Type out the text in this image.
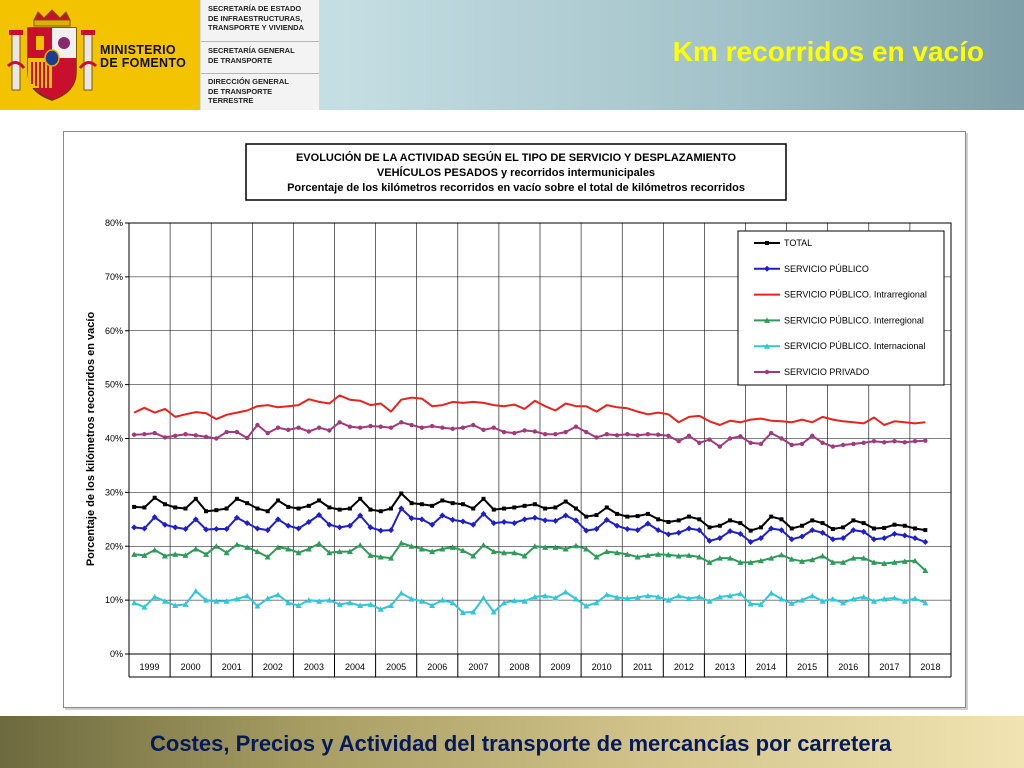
MINISTERIO
DE FOMENTO
SECRETARÍA DE ESTADO
DE INFRAESTRUCTURAS,
TRANSPORTE Y VIVIENDA
SECRETARÍA GENERAL
DE TRANSPORTE
DIRECCIÓN GENERAL
DE TRANSPORTE
TERRESTRE
Km recorridos en vacío
EVOLUCIÓN DE LA ACTIVIDAD SEGÚN EL TIPO DE SERVICIO Y DESPLAZAMIENTO
VEHÍCULOS PESADOS y recorridos intermunicipales
Porcentaje de los kilómetros recorridos en vacío sobre el total de kilómetros recorridos
Porcentaje de los kilómetros recorridos en vacío
0%
10%
20%
30%
40%
50%
60%
70%
80%
1999 2000 2001 2002 2003 2004 2005 2006 2007 2008 2009 2010 2011 2012 2013 2014 2015 2016 2017 2018
TOTAL
SERVICIO PÚBLICO
SERVICIO PÚBLICO. Intrarregional
SERVICIO PÚBLICO. Interregional
SERVICIO PÚBLICO. Internacional
SERVICIO PRIVADO
Costes, Precios y Actividad del transporte de mercancías por carretera
